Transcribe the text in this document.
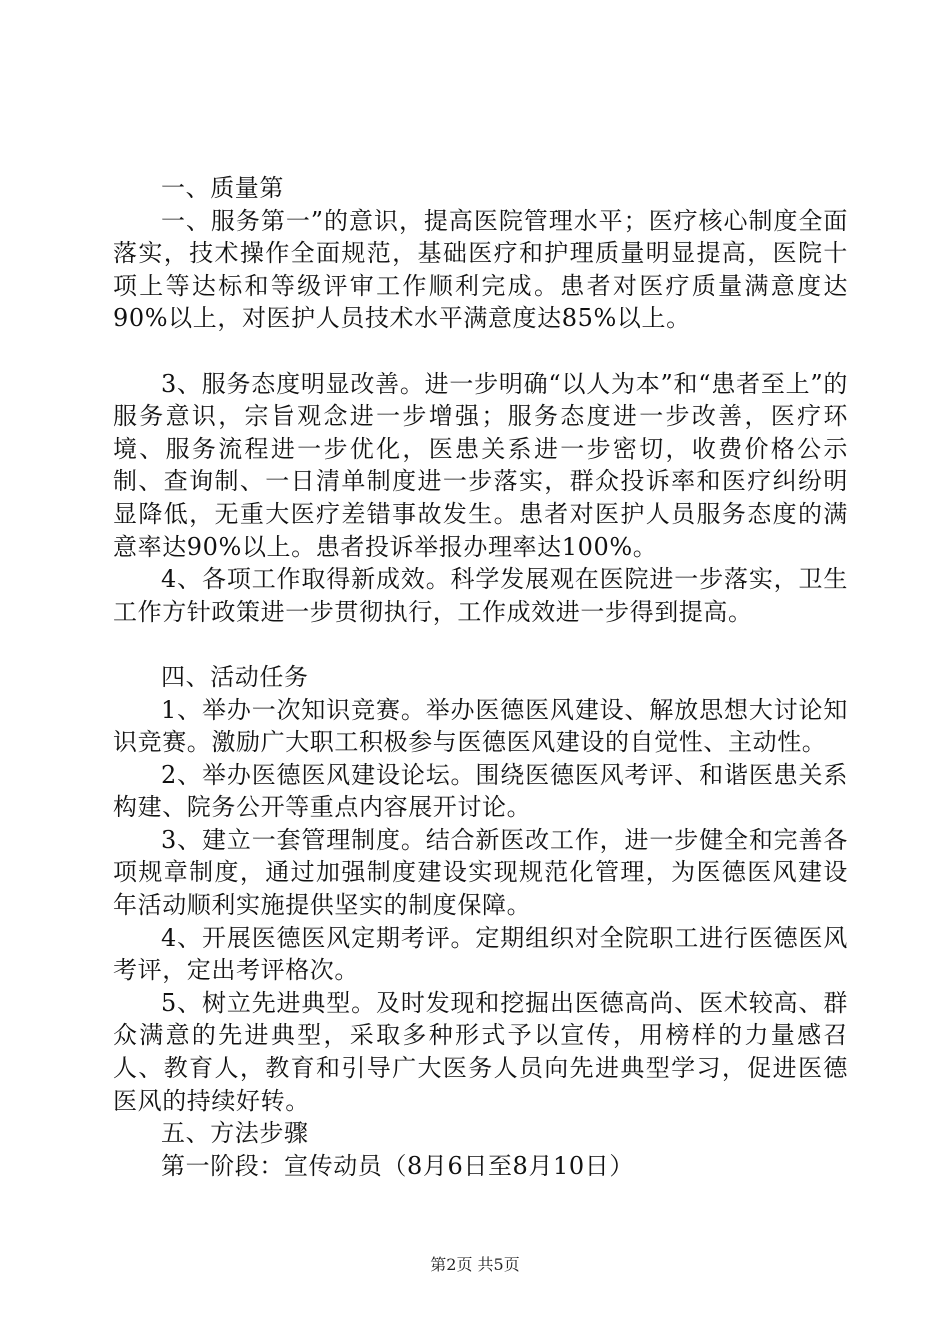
一、质量第

一、服务第一”的意识，提高医院管理水平；医疗核心制度全面落实，技术操作全面规范，基础医疗和护理质量明显提高，医院十项上等达标和等级评审工作顺利完成。患者对医疗质量满意度达90%以上，对医护人员技术水平满意度达85%以上。

3、服务态度明显改善。进一步明确“以人为本”和“患者至上”的服务意识，宗旨观念进一步增强；服务态度进一步改善，医疗环境、服务流程进一步优化，医患关系进一步密切，收费价格公示制、查询制、一日清单制度进一步落实，群众投诉率和医疗纠纷明显降低，无重大医疗差错事故发生。患者对医护人员服务态度的满意率达90%以上。患者投诉举报办理率达100%。

4、各项工作取得新成效。科学发展观在医院进一步落实，卫生工作方针政策进一步贯彻执行，工作成效进一步得到提高。

四、活动任务

1、举办一次知识竞赛。举办医德医风建设、解放思想大讨论知识竞赛。激励广大职工积极参与医德医风建设的自觉性、主动性。

2、举办医德医风建设论坛。围绕医德医风考评、和谐医患关系构建、院务公开等重点内容展开讨论。

3、建立一套管理制度。结合新医改工作，进一步健全和完善各项规章制度，通过加强制度建设实现规范化管理，为医德医风建设年活动顺利实施提供坚实的制度保障。

4、开展医德医风定期考评。定期组织对全院职工进行医德医风考评，定出考评格次。

5、树立先进典型。及时发现和挖掘出医德高尚、医术较高、群众满意的先进典型，采取多种形式予以宣传，用榜样的力量感召人、教育人，教育和引导广大医务人员向先进典型学习，促进医德医风的持续好转。

五、方法步骤

第一阶段：宣传动员（8月6日至8月10日）

第2页 共5页
